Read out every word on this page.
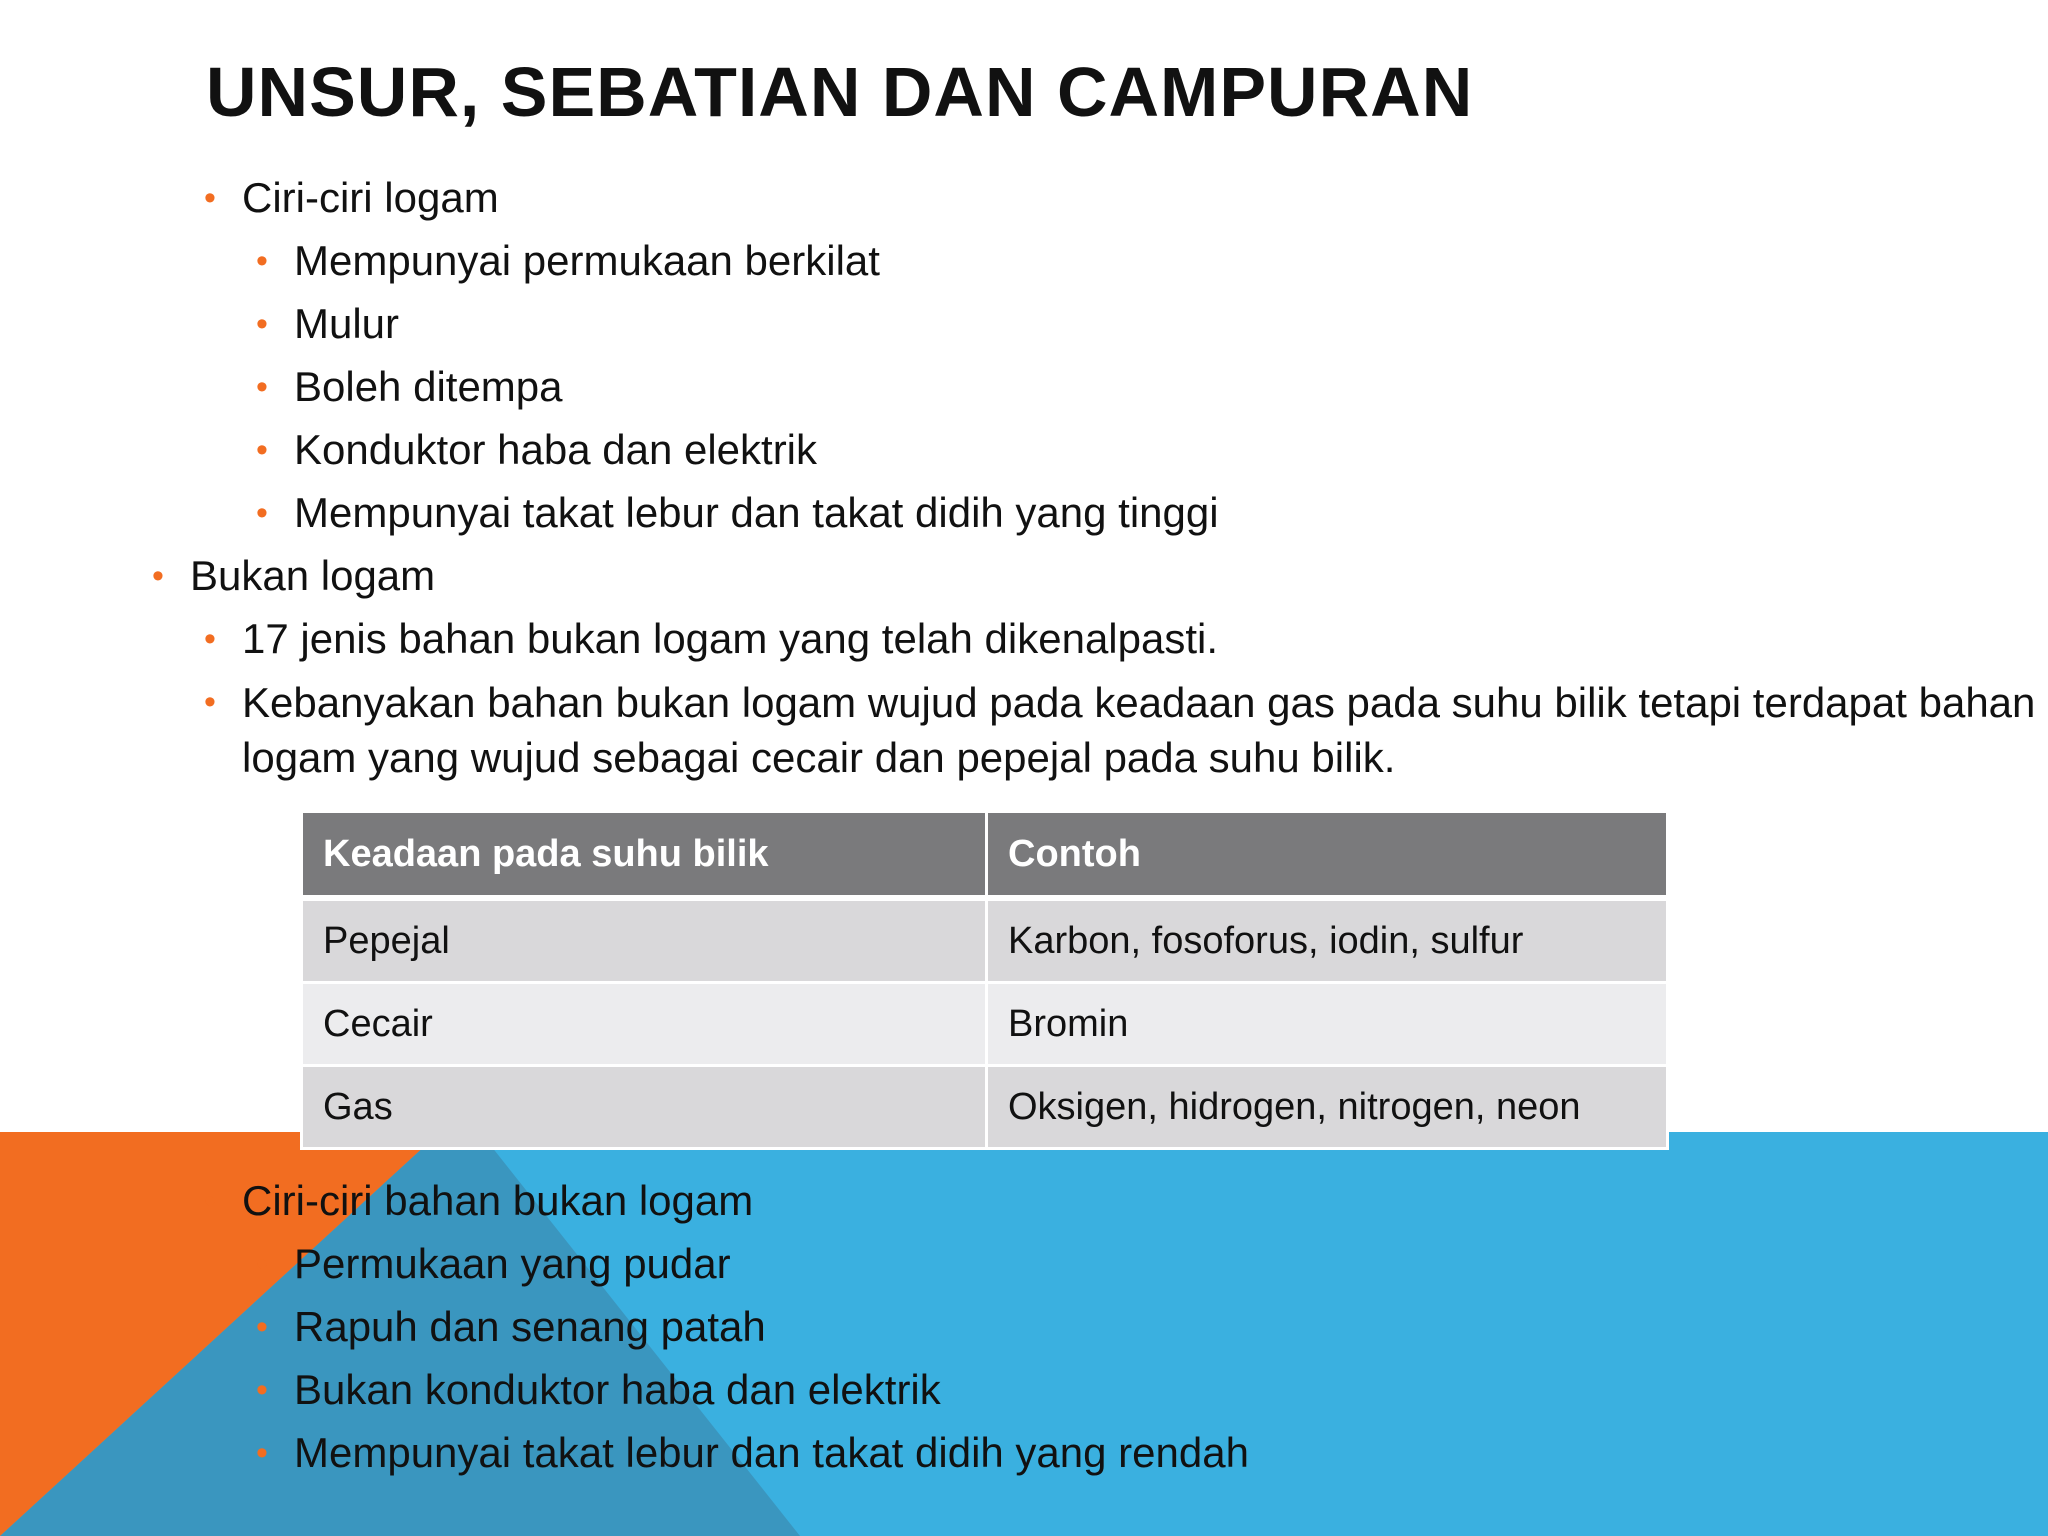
UNSUR, SEBATIAN DAN CAMPURAN
• Ciri-ciri logam
• Mempunyai permukaan berkilat
• Mulur
• Boleh ditempa
• Konduktor haba dan elektrik
• Mempunyai takat lebur dan takat didih yang tinggi
• Bukan logam
• 17 jenis bahan bukan logam yang telah dikenalpasti.
• Kebanyakan bahan bukan logam wujud pada keadaan gas pada suhu bilik tetapi terdapat bahan logam yang wujud sebagai cecair dan pepejal pada suhu bilik.
Keadaan pada suhu bilik	Contoh
Pepejal	Karbon, fosoforus, iodin, sulfur
Cecair	Bromin
Gas	Oksigen, hidrogen, nitrogen, neon
• Ciri-ciri bahan bukan logam
• Permukaan yang pudar
• Rapuh dan senang patah
• Bukan konduktor haba dan elektrik
• Mempunyai takat lebur dan takat didih yang rendah
